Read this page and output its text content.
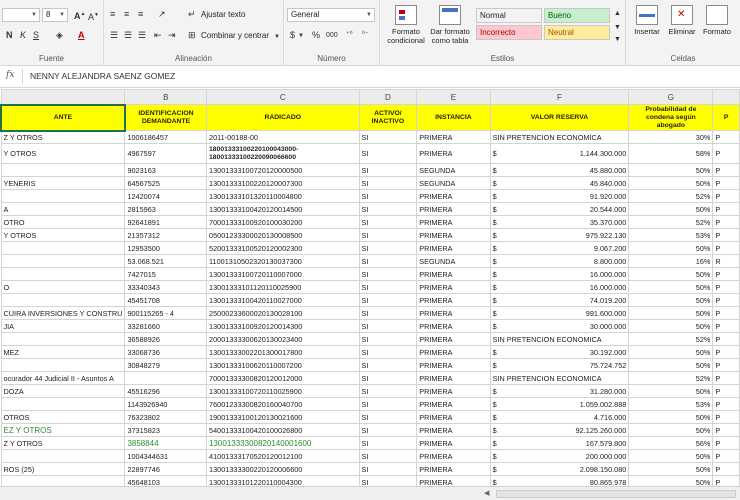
▼	8 ▼ A▲ A▼
N K S ◈ A
Fuente
≡ ≡ ≡ ↗ ↵ Ajustar texto
☰ ☰ ☰ ⇤ ⇥ ⊞ Combinar y centrar ▼
Alineación
General	▼
$ ▼ % 000 ⁺⁰ ⁰⁻
Número
Formato condicional
Dar formato como tabla
Normal	Bueno
Incorrecto	Neutral
▲
▼
▼
Estilos
Insertar
✕
Eliminar Formato
Celdas
fx NENNY ALEJANDRA SAENZ GOMEZ
	B	C	D	E	F	G	
ANTE	IDENTIFICACION DEMANDANTE	RADICADO	ACTIVO/ INACTIVO	INSTANCIA	VALOR RESERVA	Probabilidad de condena según abogado	P
Z Y OTROS	1006186457	2011-00188-00	SI	PRIMERA	SIN PRETENCION ECONOMICA	30%	P
Y OTROS	4967597	18001333100220100043000-18001333100220090066600	SI	PRIMERA	$ 1.144.300.000	58%	P
	9023163	13001333100720120000500	SI	SEGUNDA	$ 45.880.000	50%	P
YENERIS	64567525	13001333100220120007300	SI	SEGUNDA	$ 45.840.000	50%	P
	12420074	13001333101320110004800	SI	PRIMERA	$ 91.920.000	52%	P
A	2815963	13001333100420120014500	SI	PRIMERA	$ 20.544.000	50%	P
OTRO	92641891	70001333100920100030200	SI	PRIMERA	$ 35.370.000	52%	P
Y OTROS	21357312	05001233300020130008500	SI	PRIMERA	$ 975.922.130	53%	P
	12953500	52001333100520120002300	SI	PRIMERA	$ 9.067.200	50%	P
	53.068.521	11001310502320130037300	SI	SEGUNDA	$ 8.800.000	16%	R
	7427015	13001333100720110007000	SI	PRIMERA	$ 16.000.000	50%	P
O	33340343	13001333101120110025900	SI	PRIMERA	$ 16.000.000	50%	P
	45451708	13001333100420110027000	SI	PRIMERA	$ 74.019.200	50%	P
CUIRA INVERSIONES Y CONSTRU	900115265 - 4	25000233600020130028100	SI	PRIMERA	$ 991.600.000	50%	P
JIA	33281660	13001333100920120014300	SI	PRIMERA	$ 30.000.000	50%	P
	36588926	20001333300620130023400	SI	PRIMERA	SIN PRETENCION ECONOMICA	52%	P
MEZ	33068736	13001333002201300017800	SI	PRIMERA	$ 30.192.000	50%	P
	30848279	13001333100620110007200	SI	PRIMERA	$ 75.724.752	50%	P
ocurador 44 Judicial II - Asuntos A		70001333300820120012000	SI	PRIMERA	SIN PRETENCION ECONOMICA	52%	P
DOZA	45516296	13001333100720110025900	SI	PRIMERA	$ 31.280.000	50%	P
	1143926940	76001233300820160040700	SI	PRIMERA	$ 1.059.002.888	53%	P
OTROS	76323802	19001333100120130021600	SI	PRIMERA	$ 4.716.000	50%	P
EZ Y OTROS	37315823	54001333100420100026800	SI	PRIMERA	$ 92.125.260.000	50%	P
Z Y OTROS	3858844	13001333300820140001600	SI	PRIMERA	$ 167.579.800	56%	P
	1004344631	41001333170520120012100	SI	PRIMERA	$ 200.000.000	50%	P
ROS (25)	22897746	13001333300220120006600	SI	PRIMERA	$ 2.098.150.080	50%	P
	45648103	13001333101220110004300	SI	PRIMERA	$ 80.865.978	50%	P
◀
